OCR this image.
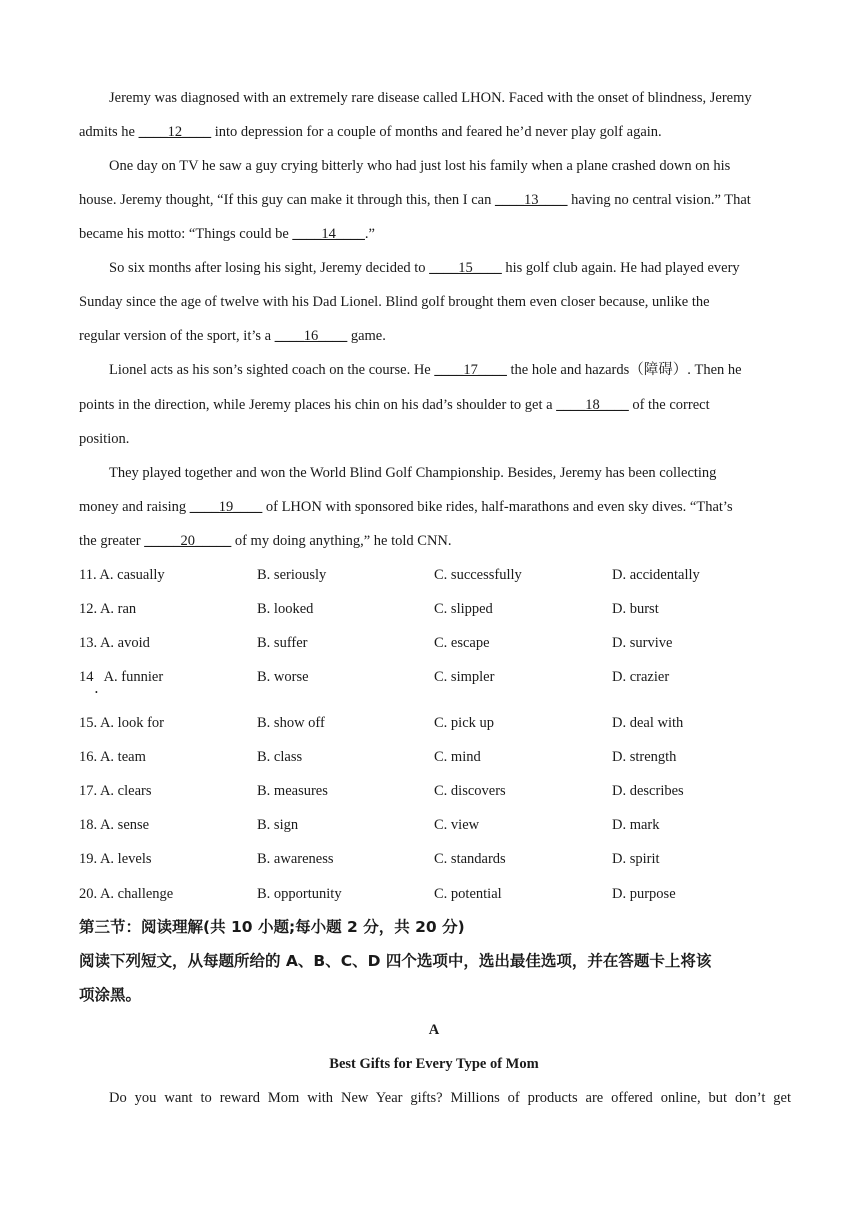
Jeremy was diagnosed with an extremely rare disease called LHON. Faced with the onset of blindness, Jeremy
admits he ____12____ into depression for a couple of months and feared he’d never play golf again.
One day on TV he saw a guy crying bitterly who had just lost his family when a plane crashed down on his
house. Jeremy thought, “If this guy can make it through this, then I can ____13____ having no central vision.” That
became his motto: “Things could be ____14____.”
So six months after losing his sight, Jeremy decided to ____15____ his golf club again. He had played every
Sunday since the age of twelve with his Dad Lionel. Blind golf brought them even closer because, unlike the
regular version of the sport, it’s a ____16____ game.
Lionel acts as his son’s sighted coach on the course. He ____17____ the hole and hazards（障碍）. Then he
points in the direction, while Jeremy places his chin on his dad’s shoulder to get a ____18____ of the correct
position.
They played together and won the World Blind Golf Championship. Besides, Jeremy has been collecting
money and raising ____19____ of LHON with sponsored bike rides, half-marathons and even sky dives. “That’s
the greater _____20_____ of my doing anything,” he told CNN.
11. A. casually	B. seriously	C. successfully	D. accidentally
12. A. ran	B. looked	C. slipped	D. burst
13. A. avoid	B. suffer	C. escape	D. survive
14   A. funnier	B. worse	C. simpler	D. crazier
•
15. A. look for	B. show off	C. pick up	D. deal with
16. A. team	B. class	C. mind	D. strength
17. A. clears	B. measures	C. discovers	D. describes
18. A. sense	B. sign	C. view	D. mark
19. A. levels	B. awareness	C. standards	D. spirit
20. A. challenge	B. opportunity	C. potential	D. purpose
第三节：阅读理解(共 10 小题;每小题 2 分，共 20 分)
阅读下列短文，从每题所给的 A、B、C、D 四个选项中，选出最佳选项，并在答题卡上将该
项涂黑。
A
Best Gifts for Every Type of Mom
Do you want to reward Mom with New Year gifts? Millions of products are offered online, but don’t get
